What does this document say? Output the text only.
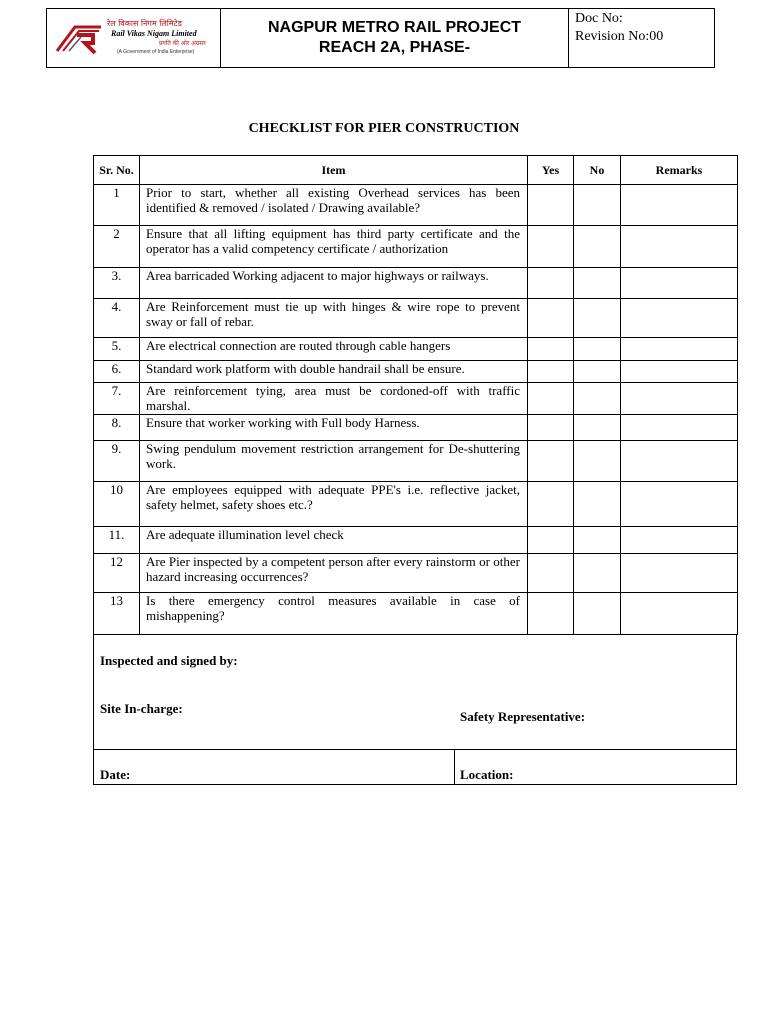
रेल विकास निगम लिमिटेड
Rail Vikas Nigam Limited
प्रगति की ओर अग्रसर
(A Government of India Enterprise)
NAGPUR METRO RAIL PROJECT
REACH 2A, PHASE-
Doc No:
Revision No:00
CHECKLIST FOR PIER CONSTRUCTION
Sr. No.	Item	Yes	No	Remarks
1	Prior to start, whether all existing Overhead services has been identified & removed / isolated / Drawing available?			
2	Ensure that all lifting equipment has third party certificate and the operator has a valid competency certificate / authorization			
3.	Area barricaded Working adjacent to major highways or railways.			
4.	Are Reinforcement must tie up with hinges & wire rope to prevent sway or fall of rebar.			
5.	Are electrical connection are routed through cable hangers			
6.	Standard work platform with double handrail shall be ensure.			
7.	Are reinforcement tying, area must be cordoned-off with traffic marshal.			
8.	Ensure that worker working with Full body Harness.			
9.	Swing pendulum movement restriction arrangement for De-shuttering work.			
10	Are employees equipped with adequate PPE's i.e. reflective jacket, safety helmet, safety shoes etc.?			
11.	Are adequate illumination level check			
12	Are Pier inspected by a competent person after every rainstorm or other hazard increasing occurrences?			
13	Is there emergency control measures available in case of mishappening?			
Inspected and signed by:
Site In-charge:
Safety Representative:
Date:	Location:
